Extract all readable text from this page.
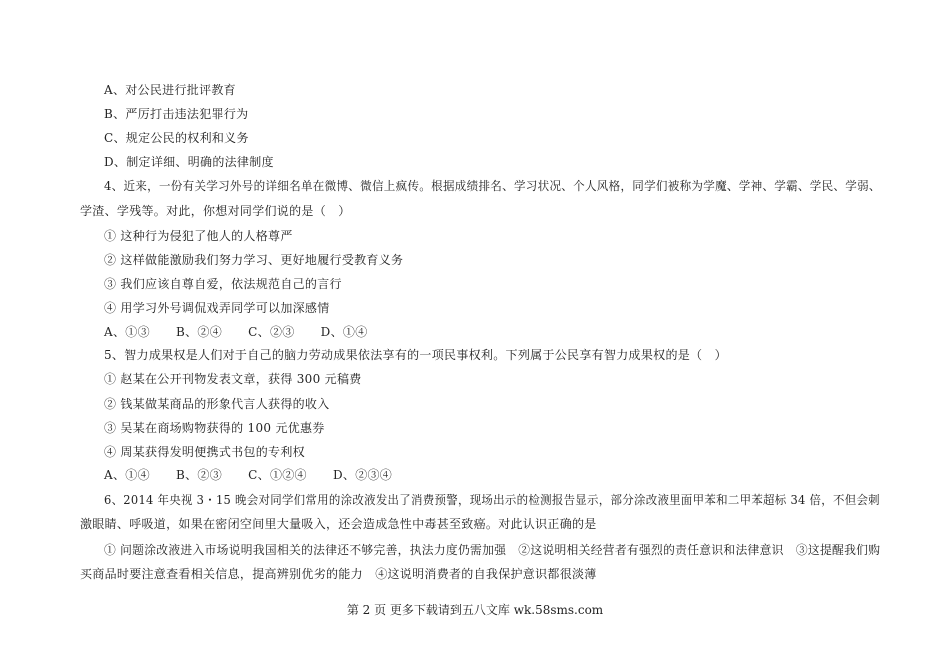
A、对公民进行批评教育
B、严厉打击违法犯罪行为
C、规定公民的权利和义务
D、制定详细、明确的法律制度
4、近来，一份有关学习外号的详细名单在微博、微信上疯传。根据成绩排名、学习状况、个人风格，同学们被称为学魔、学神、学霸、学民、学弱、
学渣、学残等。对此，你想对同学们说的是（　）
① 这种行为侵犯了他人的人格尊严
② 这样做能激励我们努力学习、更好地履行受教育义务
③ 我们应该自尊自爱，依法规范自己的言行
④ 用学习外号调侃戏弄同学可以加深感情
A、①③ B、②④ C、②③ D、①④
5、智力成果权是人们对于自己的脑力劳动成果依法享有的一项民事权利。下列属于公民享有智力成果权的是（　）
① 赵某在公开刊物发表文章，获得 300 元稿费
② 钱某做某商品的形象代言人获得的收入
③ 吴某在商场购物获得的 100 元优惠券
④ 周某获得发明便携式书包的专利权
A、①④ B、②③ C、①②④ D、②③④
6、2014 年央视 3・15 晚会对同学们常用的涂改液发出了消费预警，现场出示的检测报告显示，部分涂改液里面甲苯和二甲苯超标 34 倍，不但会刺
激眼睛、呼吸道，如果在密闭空间里大量吸入，还会造成急性中毒甚至致癌。对此认识正确的是
① 问题涂改液进入市场说明我国相关的法律还不够完善，执法力度仍需加强　②这说明相关经营者有强烈的责任意识和法律意识　③这提醒我们购
买商品时要注意查看相关信息，提高辨别优劣的能力　④这说明消费者的自我保护意识都很淡薄
第 2 页 更多下载请到五八文库 wk.58sms.com
